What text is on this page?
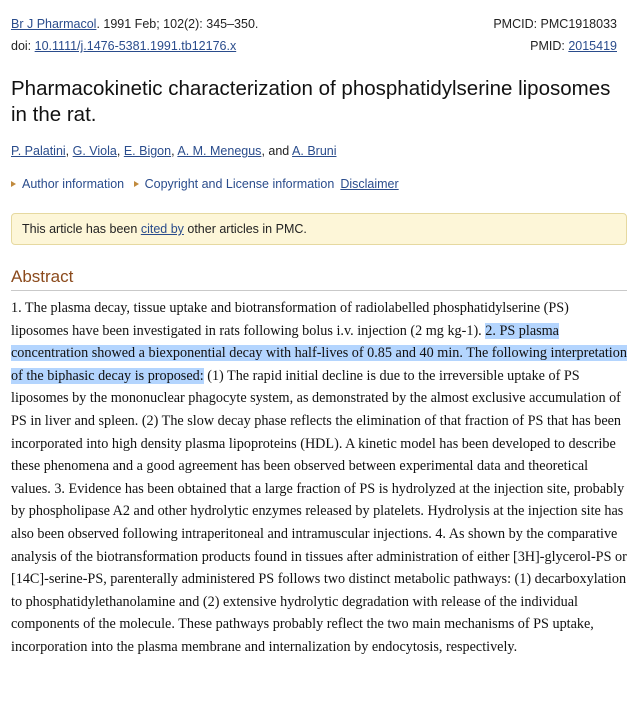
Br J Pharmacol. 1991 Feb; 102(2): 345–350.	PMCID: PMC1918033
doi: 10.1111/j.1476-5381.1991.tb12176.x	PMID: 2015419
Pharmacokinetic characterization of phosphatidylserine liposomes in the rat.
P. Palatini, G. Viola, E. Bigon, A. M. Menegus, and A. Bruni
Author information Copyright and License information Disclaimer
This article has been cited by other articles in PMC.
Abstract

1. The plasma decay, tissue uptake and biotransformation of radiolabelled phosphatidylserine (PS) liposomes have been investigated in rats following bolus i.v. injection (2 mg kg-1). 2. PS plasma concentration showed a biexponential decay with half-lives of 0.85 and 40 min. The following interpretation of the biphasic decay is proposed: (1) The rapid initial decline is due to the irreversible uptake of PS liposomes by the mononuclear phagocyte system, as demonstrated by the almost exclusive accumulation of PS in liver and spleen. (2) The slow decay phase reflects the elimination of that fraction of PS that has been incorporated into high density plasma lipoproteins (HDL). A kinetic model has been developed to describe these phenomena and a good agreement has been observed between experimental data and theoretical values. 3. Evidence has been obtained that a large fraction of PS is hydrolyzed at the injection site, probably by phospholipase A2 and other hydrolytic enzymes released by platelets. Hydrolysis at the injection site has also been observed following intraperitoneal and intramuscular injections. 4. As shown by the comparative analysis of the biotransformation products found in tissues after administration of either [3H]-glycerol-PS or [14C]-serine-PS, parenterally administered PS follows two distinct metabolic pathways: (1) decarboxylation to phosphatidylethanolamine and (2) extensive hydrolytic degradation with release of the individual components of the molecule. These pathways probably reflect the two main mechanisms of PS uptake, incorporation into the plasma membrane and internalization by endocytosis, respectively.
